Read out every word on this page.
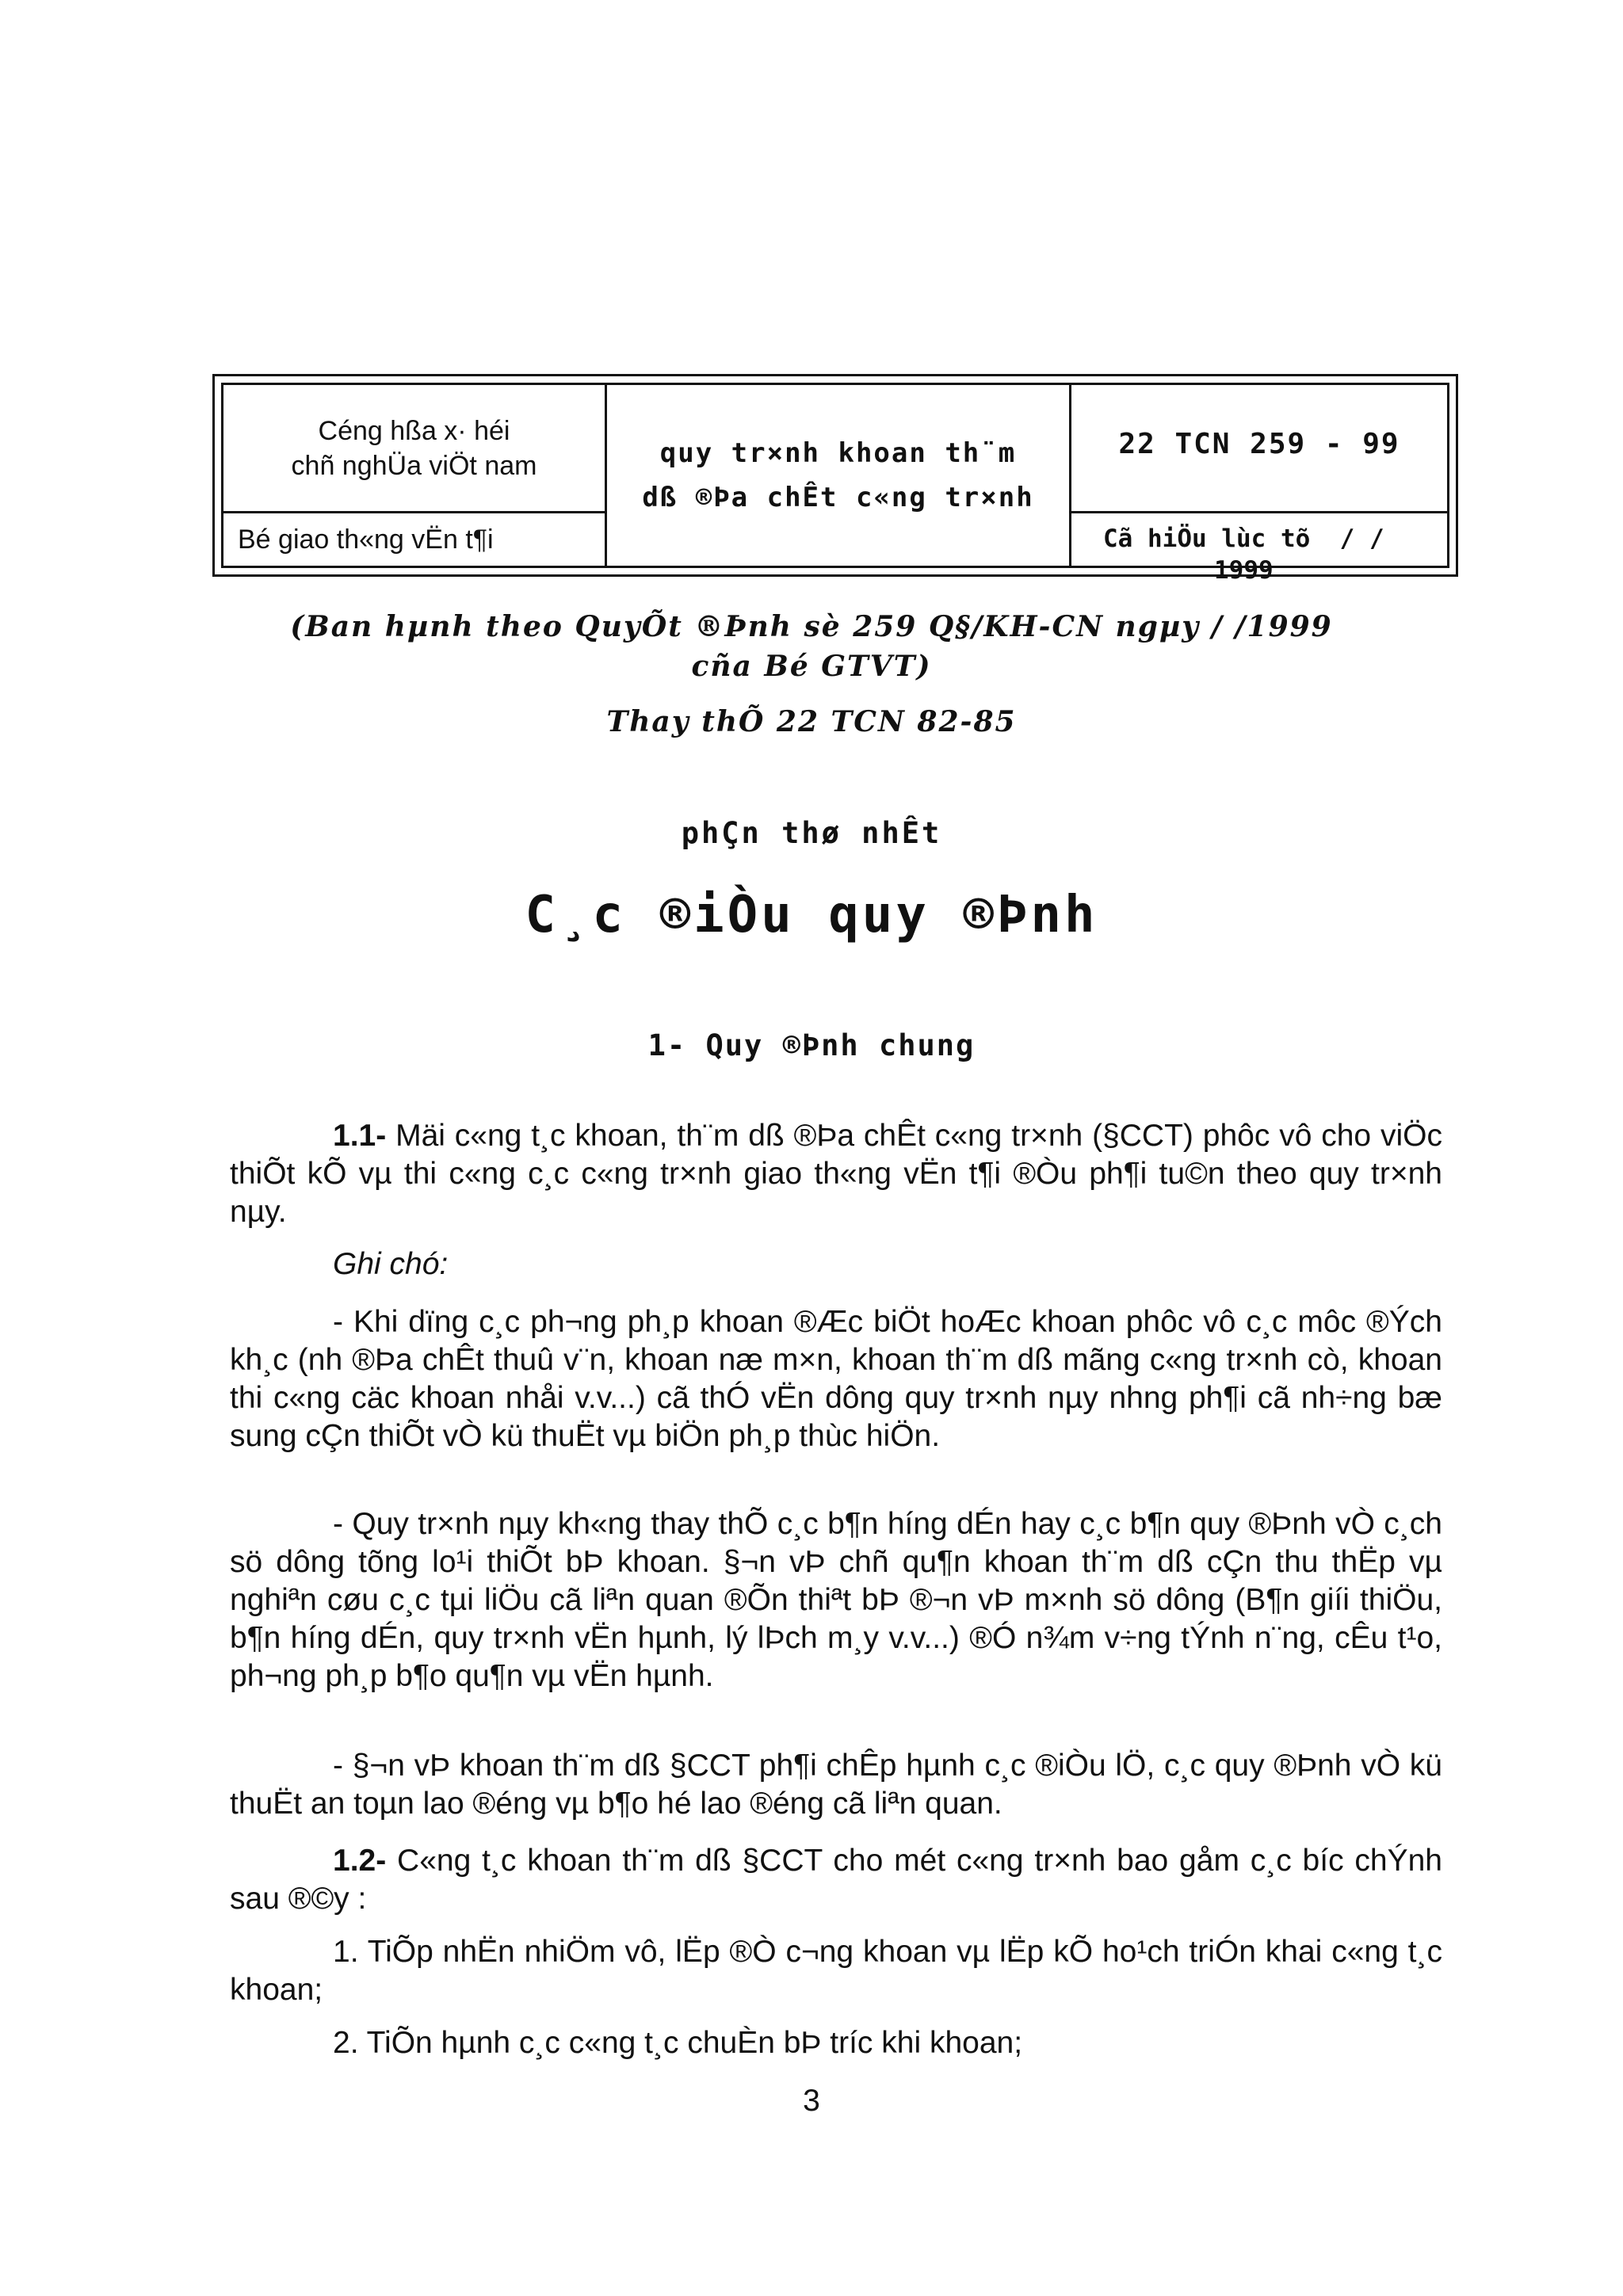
Céng hßa x· héi
chñ nghÜa viÖt nam
Bé giao th«ng vËn t¶i
quy tr×nh khoan th¨m
dß ®Þa chÊt c«ng tr×nh
22 TCN 259 - 99
Cã hiÖu lùc tõ  / /
1999
(Ban hµnh theo QuyÕt ®Þnh sè 259 Q§/KH-CN ngµy / /1999
cña Bé GTVT)
Thay thÕ 22 TCN 82-85
phÇn thø nhÊt
C¸c ®iÒu quy ®Þnh
1- Quy ®Þnh chung
1.1- Mäi c«ng t¸c khoan, th¨m dß ®Þa chÊt c«ng tr×nh (§CCT) phôc vô cho viÖc thiÕt kÕ vµ thi c«ng c¸c c«ng tr×nh giao th«ng vËn t¶i ®Òu ph¶i tu©n theo quy tr×nh nµy.
Ghi chó:
- Khi dïng c¸c ph¬ng ph¸p khoan ®Æc biÖt hoÆc khoan phôc vô c¸c môc ®Ých kh¸c (nh ®Þa chÊt thuû v¨n, khoan næ m×n, khoan th¨m dß mãng c«ng tr×nh cò, khoan thi c«ng cäc khoan nhåi v.v...) cã thÓ vËn dông quy tr×nh nµy nhng ph¶i cã nh÷ng bæ sung cÇn thiÕt vÒ kü thuËt vµ biÖn ph¸p thùc hiÖn.
- Quy tr×nh nµy kh«ng thay thÕ c¸c b¶n híng dÉn hay c¸c b¶n quy ®Þnh vÒ c¸ch sö dông tõng lo¹i thiÕt bÞ khoan. §¬n vÞ chñ qu¶n khoan th¨m dß cÇn thu thËp vµ nghiªn cøu c¸c tµi liÖu cã liªn quan ®Õn thiªt bÞ ®¬n vÞ m×nh sö dông (B¶n giíi thiÖu, b¶n híng dÉn, quy tr×nh vËn hµnh, lý lÞch m¸y v.v...) ®Ó n¾m v÷ng tÝnh n¨ng, cÊu t¹o, ph¬ng ph¸p b¶o qu¶n vµ vËn hµnh.
- §¬n vÞ khoan th¨m dß §CCT ph¶i chÊp hµnh c¸c ®iÒu lÖ, c¸c quy ®Þnh vÒ kü thuËt an toµn lao ®éng vµ b¶o hé lao ®éng cã liªn quan.
1.2- C«ng t¸c khoan th¨m dß §CCT cho mét c«ng tr×nh bao gåm c¸c bíc chÝnh sau ®©y :
1. TiÕp nhËn nhiÖm vô, lËp ®Ò c¬ng khoan vµ lËp kÕ ho¹ch triÓn khai c«ng t¸c khoan;
2. TiÕn hµnh c¸c c«ng t¸c chuÈn bÞ tríc khi khoan;
3
